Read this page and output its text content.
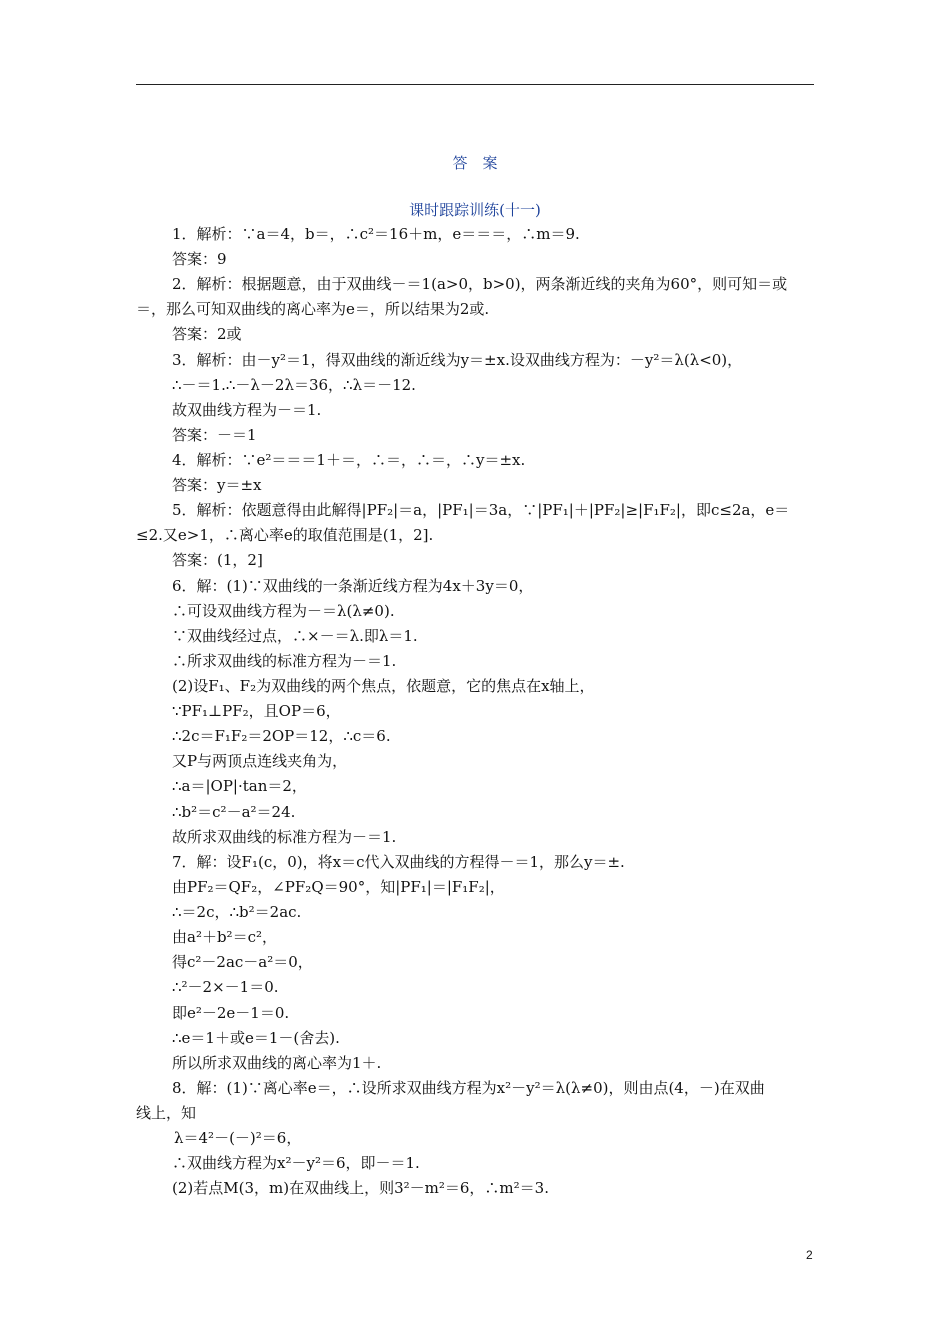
答　案
课时跟踪训练(十一)
1．解析：∵a＝4，b＝，∴c²＝16＋m，e＝＝＝，∴m＝9.
答案：9
2．解析：根据题意，由于双曲线－＝1(a>0，b>0)，两条渐近线的夹角为60°，则可知＝或
＝，那么可知双曲线的离心率为e＝，所以结果为2或.
答案：2或
3．解析：由－y²＝1，得双曲线的渐近线为y＝±x.设双曲线方程为：－y²＝λ(λ<0)，
∴－＝1.∴－λ－2λ＝36，∴λ＝－12.
故双曲线方程为－＝1.
答案：－＝1
4．解析：∵e²＝＝＝1＋＝，∴＝，∴＝，∴y＝±x.
答案：y＝±x
5．解析：依题意得由此解得|PF₂|＝a，|PF₁|＝3a，∵|PF₁|＋|PF₂|≥|F₁F₂|，即c≤2a，e＝
≤2.又e>1，∴离心率e的取值范围是(1，2].
答案：(1，2]
6．解：(1)∵双曲线的一条渐近线方程为4x＋3y＝0，
∴可设双曲线方程为－＝λ(λ≠0).
∵双曲线经过点，∴×－＝λ.即λ＝1.
∴所求双曲线的标准方程为－＝1.
(2)设F₁、F₂为双曲线的两个焦点，依题意，它的焦点在x轴上，
∵PF₁⊥PF₂，且OP＝6，
∴2c＝F₁F₂＝2OP＝12，∴c＝6.
又P与两顶点连线夹角为，
∴a＝|OP|·tan＝2，
∴b²＝c²－a²＝24.
故所求双曲线的标准方程为－＝1.
7．解：设F₁(c，0)，将x＝c代入双曲线的方程得－＝1，那么y＝±.
由PF₂＝QF₂，∠PF₂Q＝90°，知|PF₁|＝|F₁F₂|，
∴＝2c，∴b²＝2ac.
由a²＋b²＝c²，
得c²－2ac－a²＝0，
∴²－2×－1＝0.
即e²－2e－1＝0.
∴e＝1＋或e＝1－(舍去).
所以所求双曲线的离心率为1＋.
8．解：(1)∵离心率e＝，∴设所求双曲线方程为x²－y²＝λ(λ≠0)，则由点(4，－)在双曲
线上，知
λ＝4²－(－)²＝6，
∴双曲线方程为x²－y²＝6，即－＝1.
(2)若点M(3，m)在双曲线上，则3²－m²＝6，∴m²＝3.
2
